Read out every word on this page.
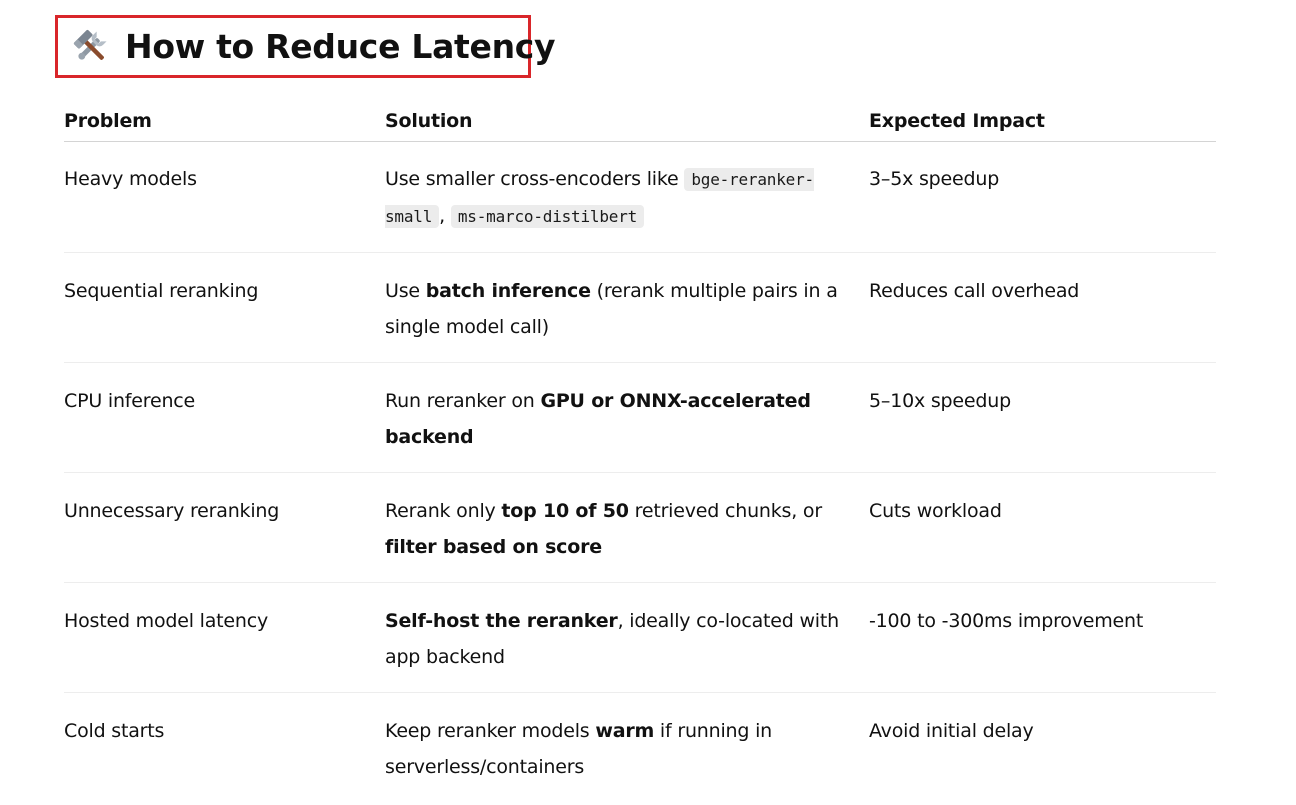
How to Reduce Latency
Problem	Solution	Expected Impact
Heavy models	Use smaller cross-encoders like bge-reranker-small , ms-marco-distilbert	3–5x speedup
Sequential reranking	Use batch inference (rerank multiple pairs in a single model call)	Reduces call overhead
CPU inference	Run reranker on GPU or ONNX-accelerated backend	5–10x speedup
Unnecessary reranking	Rerank only top 10 of 50 retrieved chunks, or filter based on score	Cuts workload
Hosted model latency	Self-host the reranker, ideally co-located with app backend	-100 to -300ms improvement
Cold starts	Keep reranker models warm if running in serverless/containers	Avoid initial delay
